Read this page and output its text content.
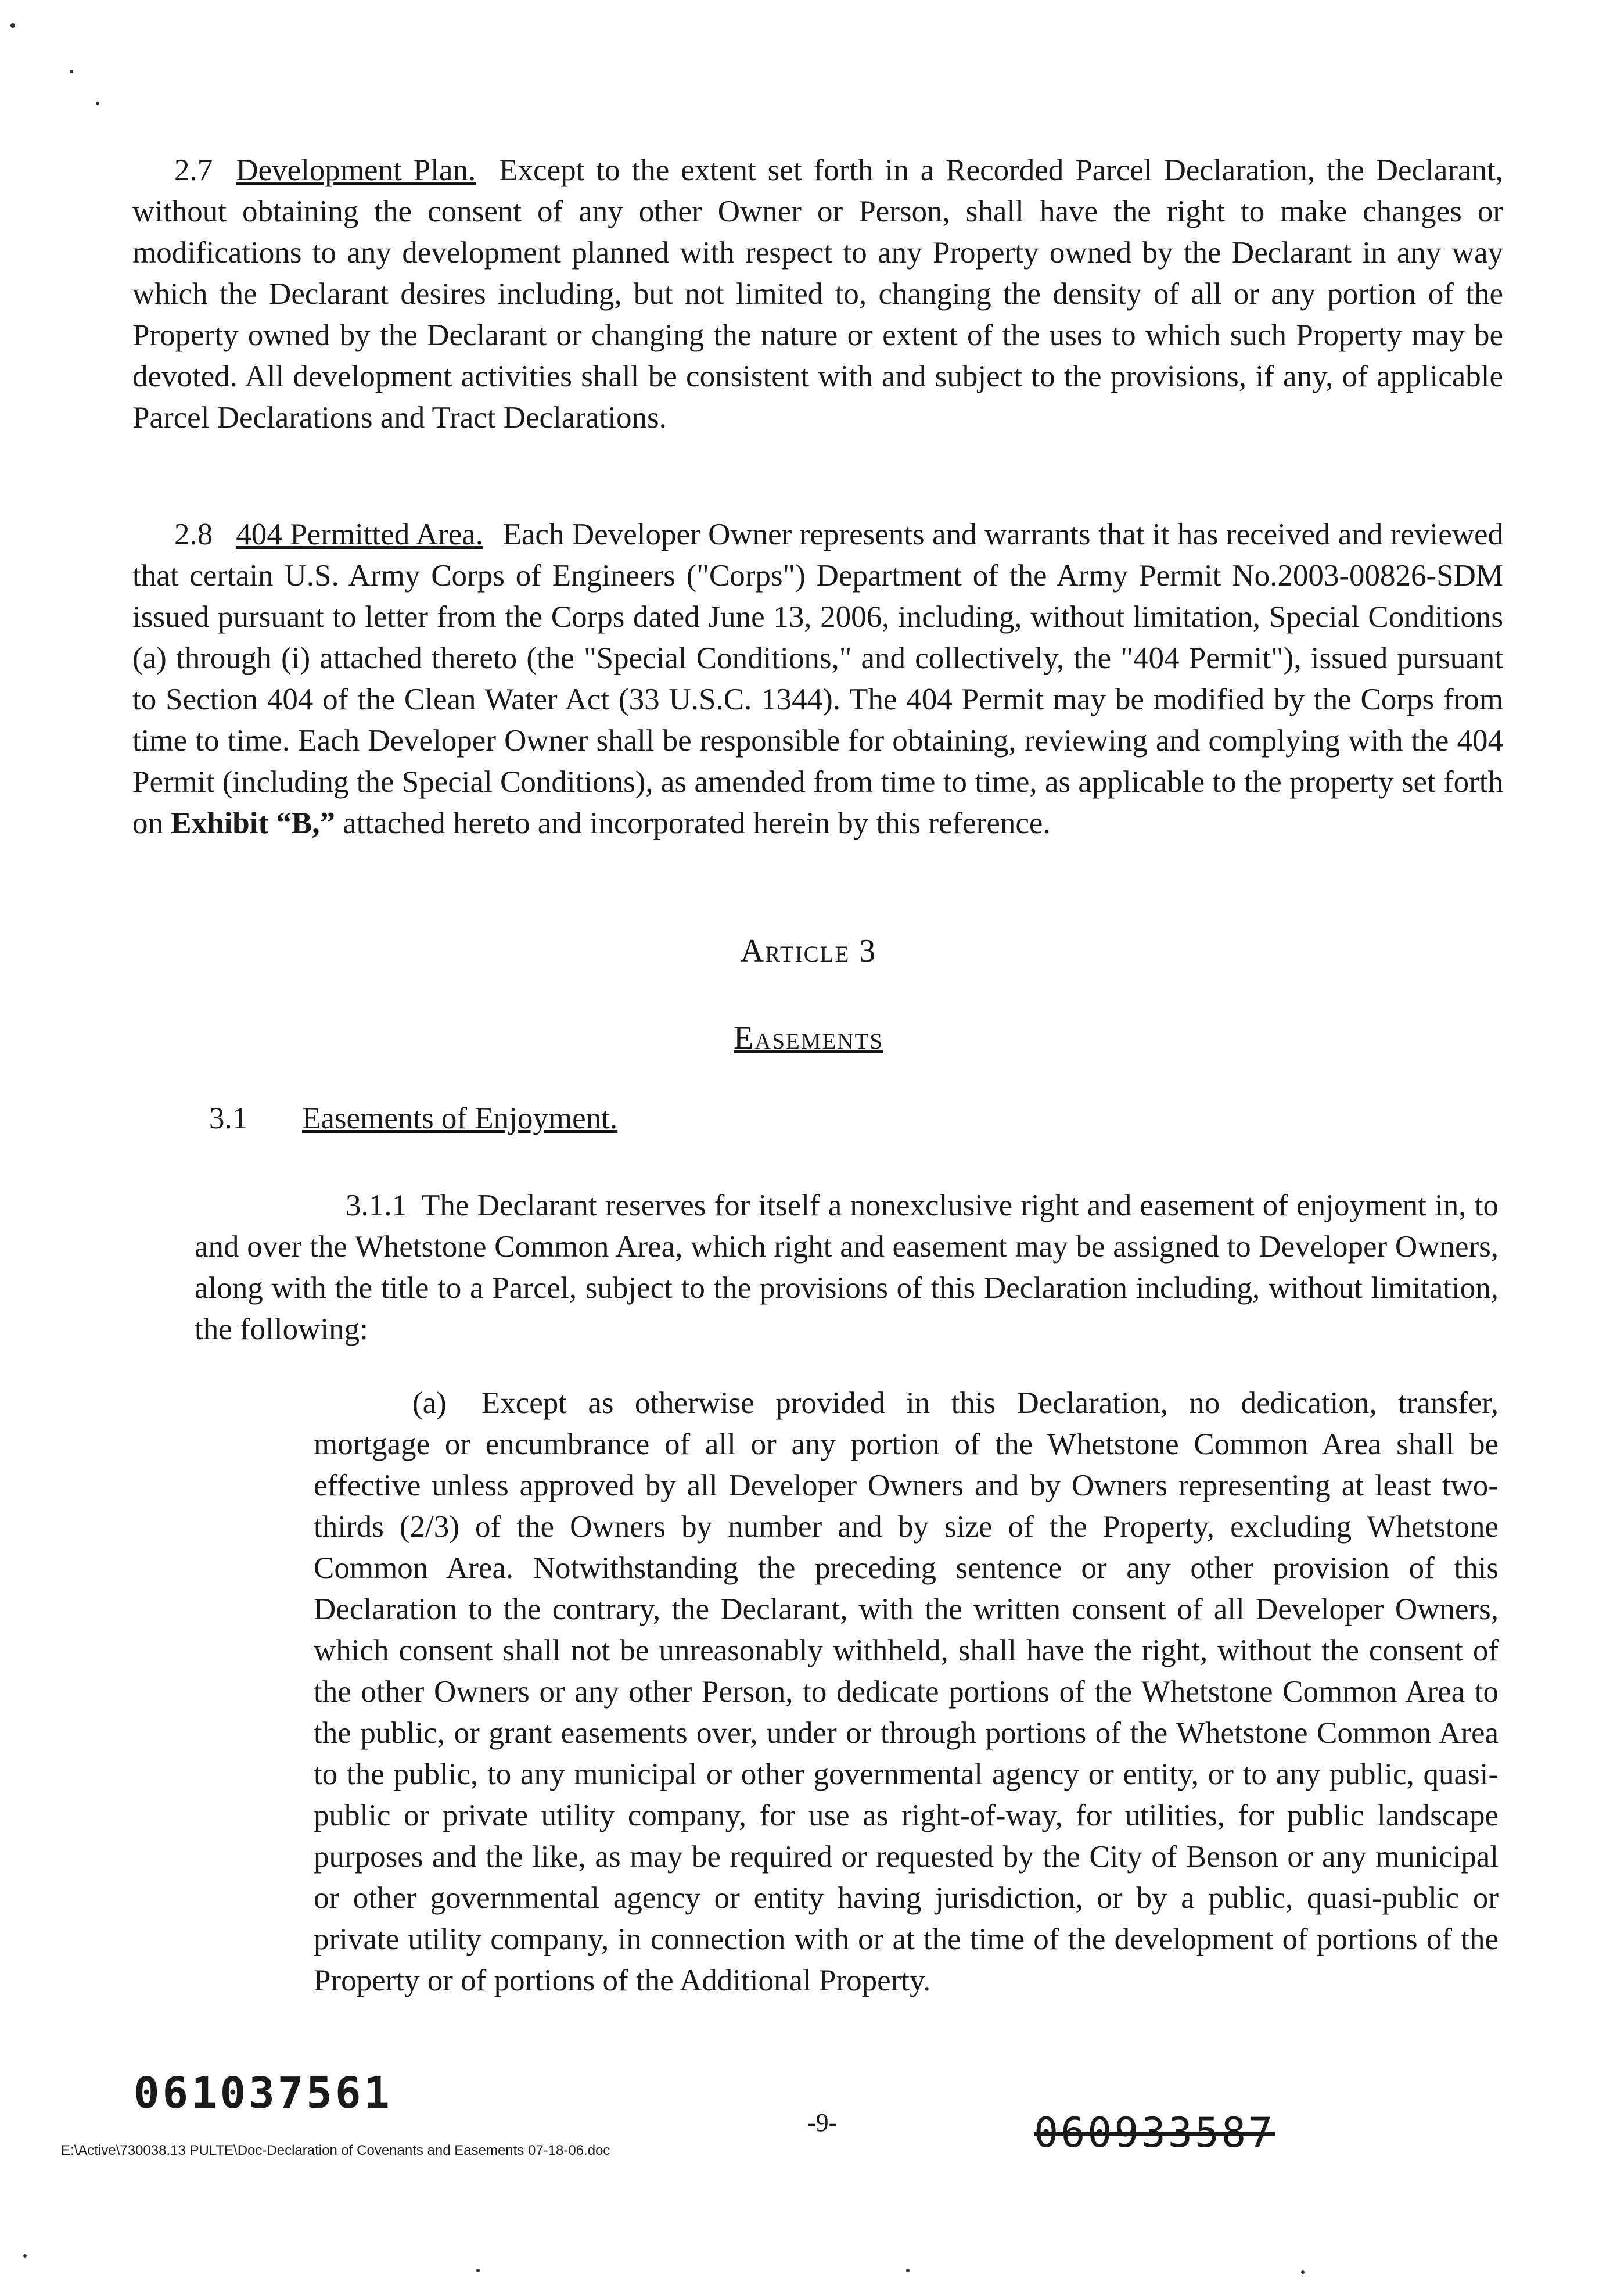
2.7 Development Plan. Except to the extent set forth in a Recorded Parcel Declaration, the Declarant, without obtaining the consent of any other Owner or Person, shall have the right to make changes or modifications to any development planned with respect to any Property owned by the Declarant in any way which the Declarant desires including, but not limited to, changing the density of all or any portion of the Property owned by the Declarant or changing the nature or extent of the uses to which such Property may be devoted. All development activities shall be consistent with and subject to the provisions, if any, of applicable Parcel Declarations and Tract Declarations.
2.8 404 Permitted Area. Each Developer Owner represents and warrants that it has received and reviewed that certain U.S. Army Corps of Engineers ("Corps") Department of the Army Permit No.2003-00826-SDM issued pursuant to letter from the Corps dated June 13, 2006, including, without limitation, Special Conditions (a) through (i) attached thereto (the "Special Conditions," and collectively, the "404 Permit"), issued pursuant to Section 404 of the Clean Water Act (33 U.S.C. 1344). The 404 Permit may be modified by the Corps from time to time. Each Developer Owner shall be responsible for obtaining, reviewing and complying with the 404 Permit (including the Special Conditions), as amended from time to time, as applicable to the property set forth on Exhibit “B,” attached hereto and incorporated herein by this reference.
Article 3
Easements
3.1 Easements of Enjoyment.
3.1.1 The Declarant reserves for itself a nonexclusive right and easement of enjoyment in, to and over the Whetstone Common Area, which right and easement may be assigned to Developer Owners, along with the title to a Parcel, subject to the provisions of this Declaration including, without limitation, the following:
(a) Except as otherwise provided in this Declaration, no dedication, transfer, mortgage or encumbrance of all or any portion of the Whetstone Common Area shall be effective unless approved by all Developer Owners and by Owners representing at least two-thirds (2/3) of the Owners by number and by size of the Property, excluding Whetstone Common Area. Notwithstanding the preceding sentence or any other provision of this Declaration to the contrary, the Declarant, with the written consent of all Developer Owners, which consent shall not be unreasonably withheld, shall have the right, without the consent of the other Owners or any other Person, to dedicate portions of the Whetstone Common Area to the public, or grant easements over, under or through portions of the Whetstone Common Area to the public, to any municipal or other governmental agency or entity, or to any public, quasi-public or private utility company, for use as right-of-way, for utilities, for public landscape purposes and the like, as may be required or requested by the City of Benson or any municipal or other governmental agency or entity having jurisdiction, or by a public, quasi-public or private utility company, in connection with or at the time of the development of portions of the Property or of portions of the Additional Property.
061037561
-9-
E:\Active\730038.13 PULTE\Doc-Declaration of Covenants and Easements 07-18-06.doc	060933587
